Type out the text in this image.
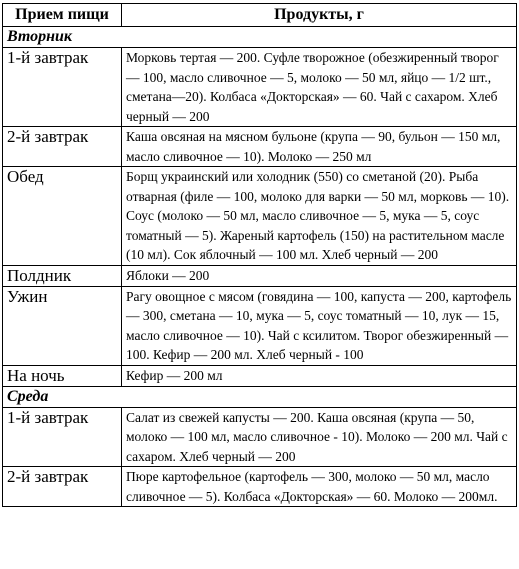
Прием пищи	Продукты, г
Вторник	
1-й завтрак	Морковь тертая — 200. Суфле творожное (обезжиренный творог — 100, масло сливочное — 5, молоко — 50 мл, яйцо — 1/2 шт., сметана—20). Колбаса «Докторская» — 60. Чай с сахаром. Хлеб черный — 200
2-й завтрак	Каша овсяная на мясном бульоне (крупа — 90, бульон — 150 мл, масло сливочное — 10). Молоко — 250 мл
Обед	Борщ украинский или холодник (550) со сметаной (20). Рыба отварная (филе — 100, молоко для варки — 50 мл, морковь — 10). Соус (молоко — 50 мл, масло сливочное — 5, мука — 5, соус томатный — 5). Жареный картофель (150) на растительном масле (10 мл). Сок яблочный — 100 мл. Хлеб черный — 200
Полдник	Яблоки — 200
Ужин	Рагу овощное с мясом (говядина — 100, капуста — 200, картофель — 300, сметана — 10, мука — 5, соус томатный — 10, лук — 15, масло сливочное — 10). Чай с ксилитом. Творог обезжиренный — 100. Кефир — 200 мл. Хлеб черный - 100
На ночь	Кефир — 200 мл
Среда	
1-й завтрак	Салат из свежей капусты — 200. Каша овсяная (крупа — 50, молоко — 100 мл, масло сливочное - 10). Молоко — 200 мл. Чай с сахаром. Хлеб черный — 200
2-й завтрак	Пюре картофельное (картофель — 300, молоко — 50 мл, масло сливочное — 5). Колбаса «Докторская» — 60. Молоко — 200мл.
